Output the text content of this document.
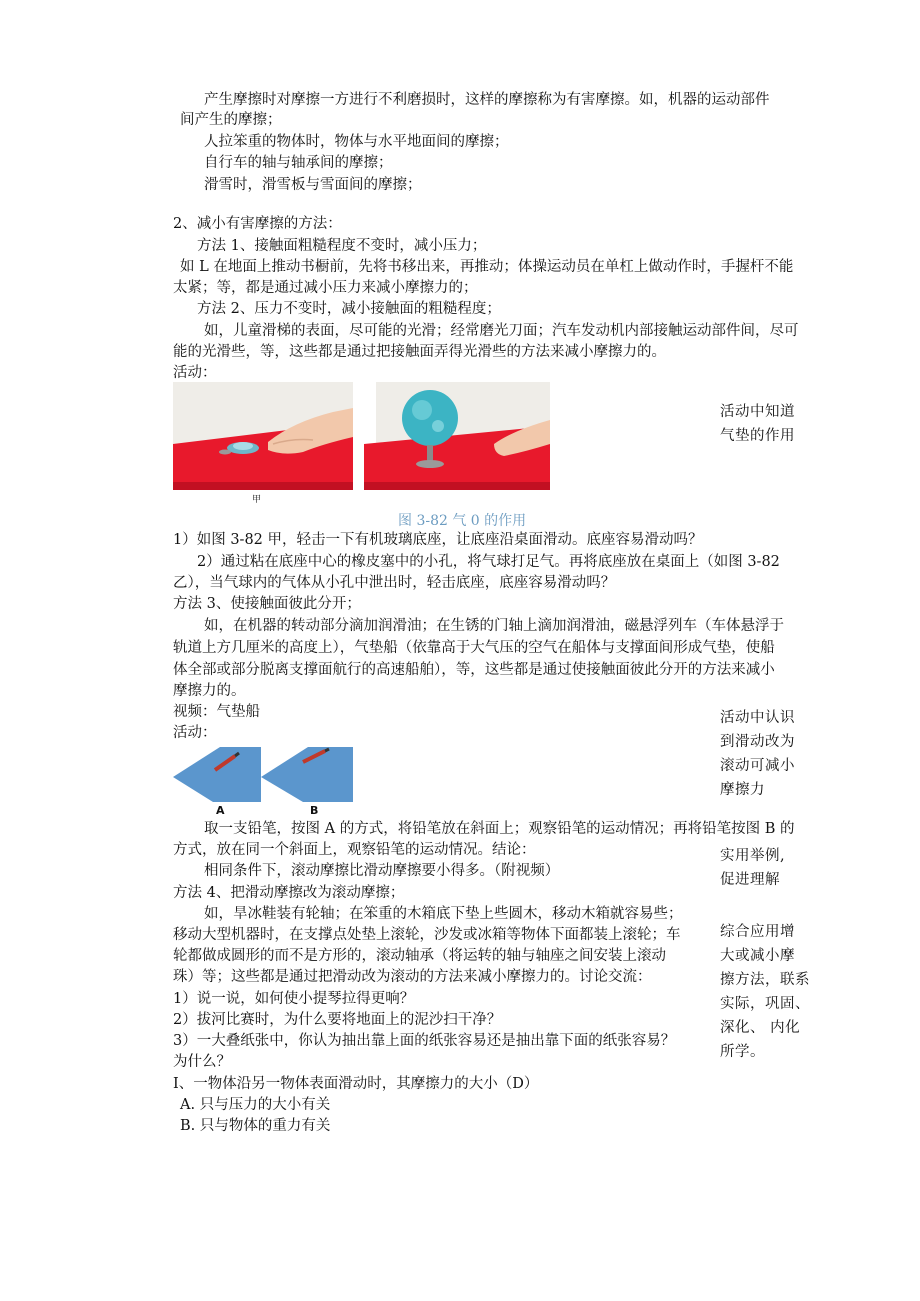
产生摩擦时对摩擦一方进行不利磨损时，这样的摩擦称为有害摩擦。如，机器的运动部件
间产生的摩擦；
人拉笨重的物体时，物体与水平地面间的摩擦；
自行车的轴与轴承间的摩擦；
滑雪时，滑雪板与雪面间的摩擦；
2、减小有害摩擦的方法：
方法 1、接触面粗糙程度不变时，减小压力；
如 L 在地面上推动书橱前，先将书移出来，再推动；体操运动员在单杠上做动作时，手握杆不能
太紧；等，都是通过减小压力来减小摩擦力的；
方法 2、压力不变时，减小接触面的粗糙程度；
如，儿童滑梯的表面，尽可能的光滑；经常磨光刀面；汽车发动机内部接触运动部件间，尽可
能的光滑些，等，这些都是通过把接触面弄得光滑些的方法来减小摩擦力的。
活动：
甲
图 3-82 气 0 的作用
活动中知道
气垫的作用
1）如图 3-82 甲，轻击一下有机玻璃底座，让底座沿桌面滑动。底座容易滑动吗？
2）通过粘在底座中心的橡皮塞中的小孔，将气球打足气。再将底座放在桌面上（如图 3-82
乙），当气球内的气体从小孔中泄出时，轻击底座，底座容易滑动吗？
方法 3、使接触面彼此分开；
如，在机器的转动部分滴加润滑油；在生锈的门轴上滴加润滑油，磁悬浮列车（车体悬浮于
轨道上方几厘米的高度上），气垫船（依靠高于大气压的空气在船体与支撑面间形成气垫，使船
体全部或部分脱离支撑面航行的高速船舶），等，这些都是通过使接触面彼此分开的方法来减小
摩擦力的。
视频：气垫船
活动：
活动中认识
到滑动改为
滚动可减小
摩擦力
A	B
取一支铅笔，按图 A 的方式，将铅笔放在斜面上；观察铅笔的运动情况；再将铅笔按图 B 的
方式，放在同一个斜面上，观察铅笔的运动情况。结论：
相同条件下，滚动摩擦比滑动摩擦要小得多。（附视频）
方法 4、把滑动摩擦改为滚动摩擦；
如，旱冰鞋装有轮轴；在笨重的木箱底下垫上些圆木，移动木箱就容易些；
移动大型机器时，在支撑点处垫上滚轮，沙发或冰箱等物体下面都装上滚轮；车
轮都做成圆形的而不是方形的，滚动轴承（将运转的轴与轴座之间安装上滚动
珠）等；这些都是通过把滑动改为滚动的方法来减小摩擦力的。讨论交流：
1）说一说，如何使小提琴拉得更响？
2）拔河比赛时，为什么要将地面上的泥沙扫干净？
3）一大叠纸张中，你认为抽出靠上面的纸张容易还是抽出靠下面的纸张容易？
为什么？
I、一物体沿另一物体表面滑动时，其摩擦力的大小（D）
A. 只与压力的大小有关
B. 只与物体的重力有关
实用举例,
促进理解
综合应用增
大或减小摩
擦方法，联系
实际，巩固、
深化、 内化
所学。
